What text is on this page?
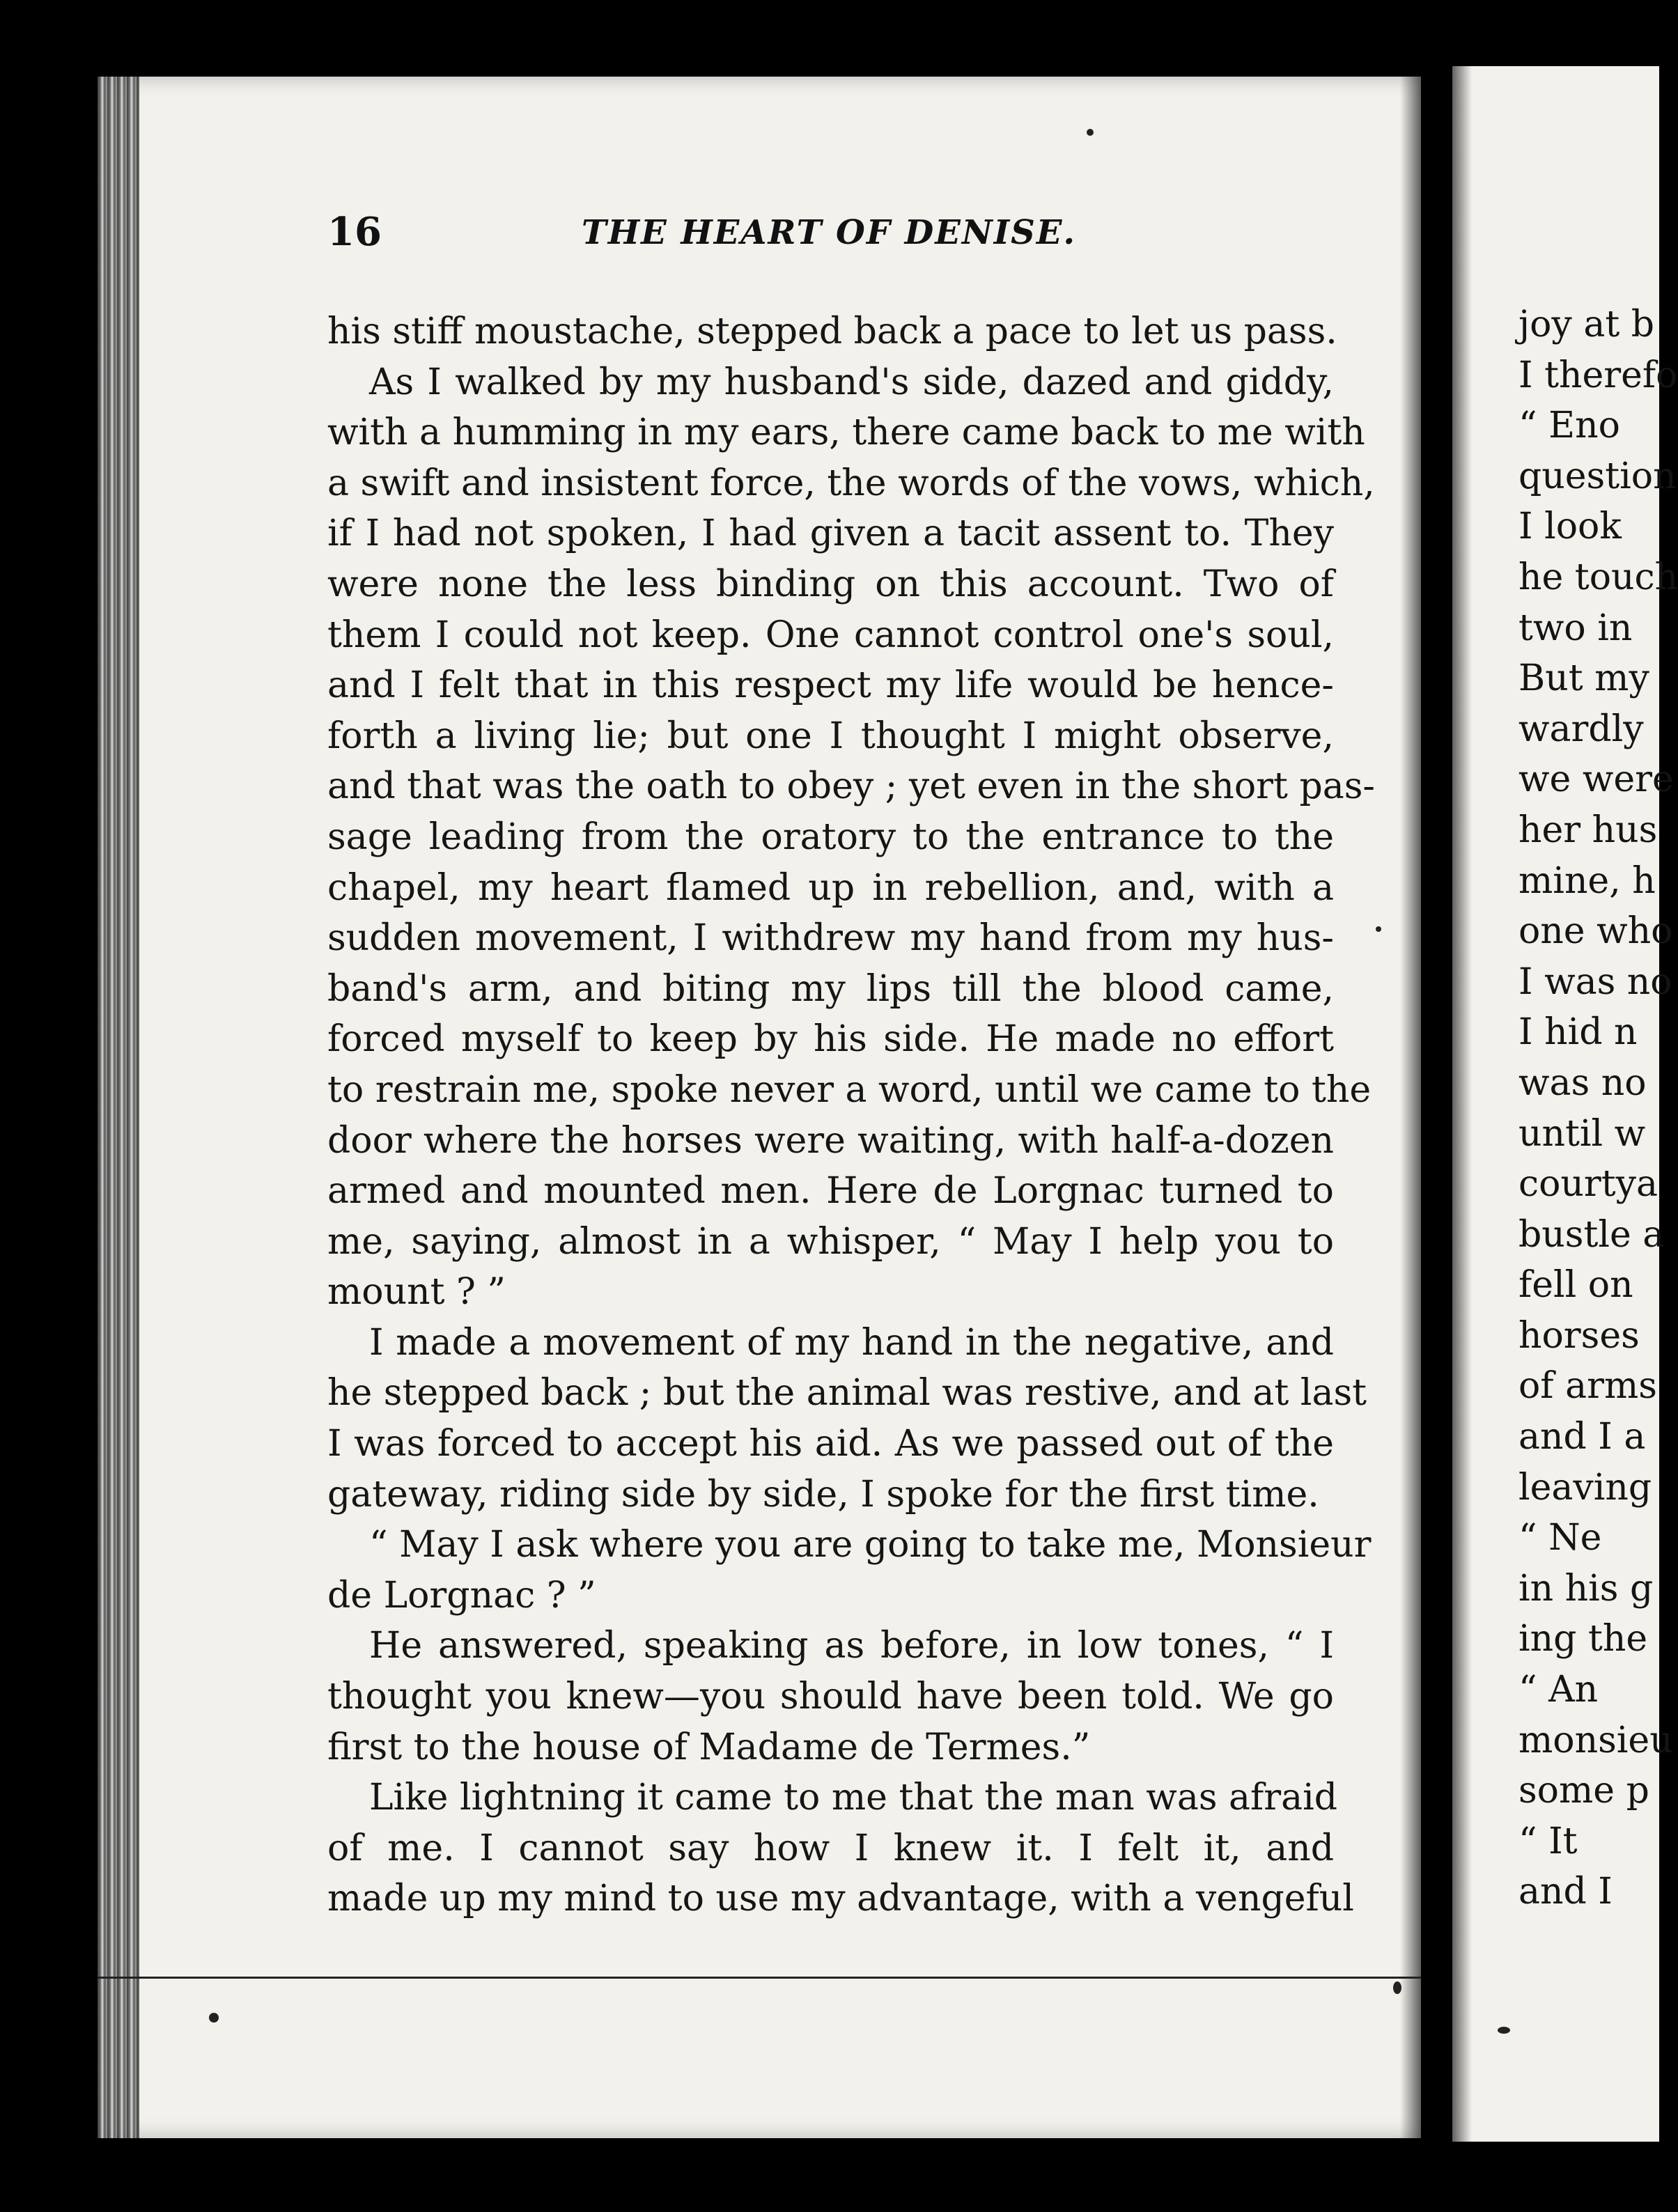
joy at b
I therefo
“ Eno
question
I look
he touch
two in
But my
wardly
we were
her hus
mine, h
one who
I was no
I hid n
was no
until w
courtya
bustle a
fell on
horses
of arms
and I a
leaving
“ Ne
in his g
ing the
“ An
monsieu
some p
“ It
and I
16	THE HEART OF DENISE.
his stiff moustache, stepped back a pace to let us pass.
As I walked by my husband's side, dazed and giddy,
with a humming in my ears, there came back to me with
a swift and insistent force, the words of the vows, which,
if I had not spoken, I had given a tacit assent to. They
were none the less binding on this account. Two of
them I could not keep. One cannot control one's soul,
and I felt that in this respect my life would be hence-
forth a living lie; but one I thought I might observe,
and that was the oath to obey ; yet even in the short pas-
sage leading from the oratory to the entrance to the
chapel, my heart flamed up in rebellion, and, with a
sudden movement, I withdrew my hand from my hus-
band's arm, and biting my lips till the blood came,
forced myself to keep by his side. He made no effort
to restrain me, spoke never a word, until we came to the
door where the horses were waiting, with half-a-dozen
armed and mounted men. Here de Lorgnac turned to
me, saying, almost in a whisper, “ May I help you to
mount ? ”
I made a movement of my hand in the negative, and
he stepped back ; but the animal was restive, and at last
I was forced to accept his aid. As we passed out of the
gateway, riding side by side, I spoke for the first time.
“ May I ask where you are going to take me, Monsieur
de Lorgnac ? ”
He answered, speaking as before, in low tones, “ I
thought you knew—you should have been told. We go
first to the house of Madame de Termes.”
Like lightning it came to me that the man was afraid
of me. I cannot say how I knew it. I felt it, and
made up my mind to use my advantage, with a vengeful
